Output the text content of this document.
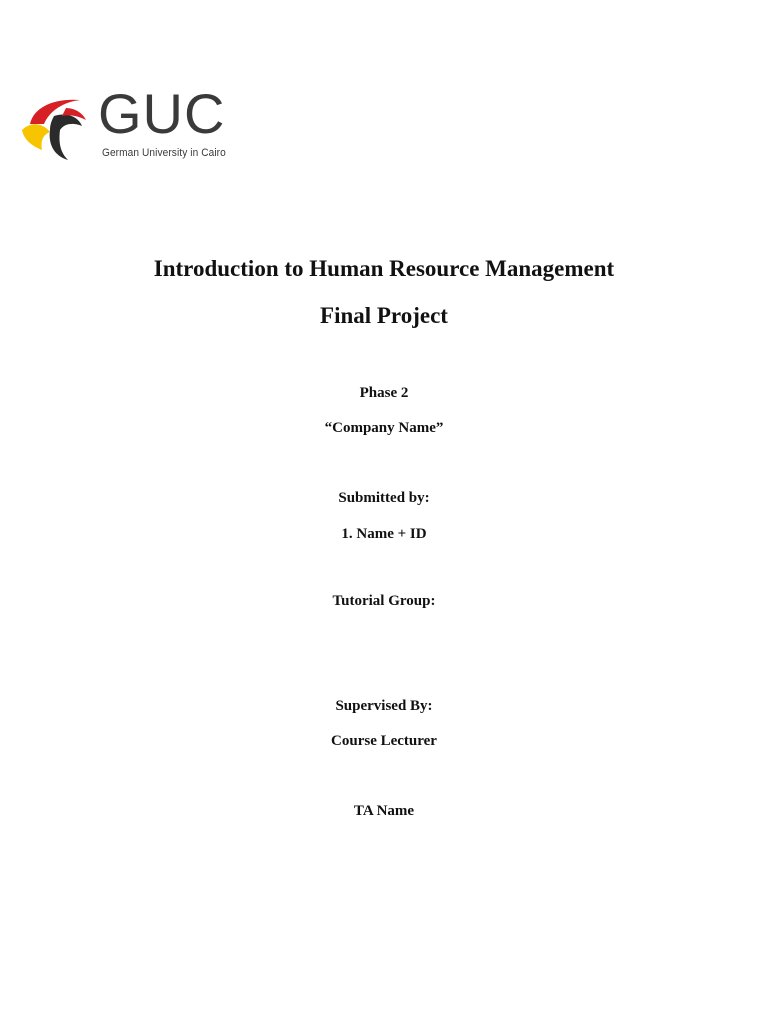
GUC
German University in Cairo
Introduction to Human Resource Management
Final Project
Phase 2
“Company Name”
Submitted by:
1. Name + ID
Tutorial Group:
Supervised By:
Course Lecturer
TA Name
